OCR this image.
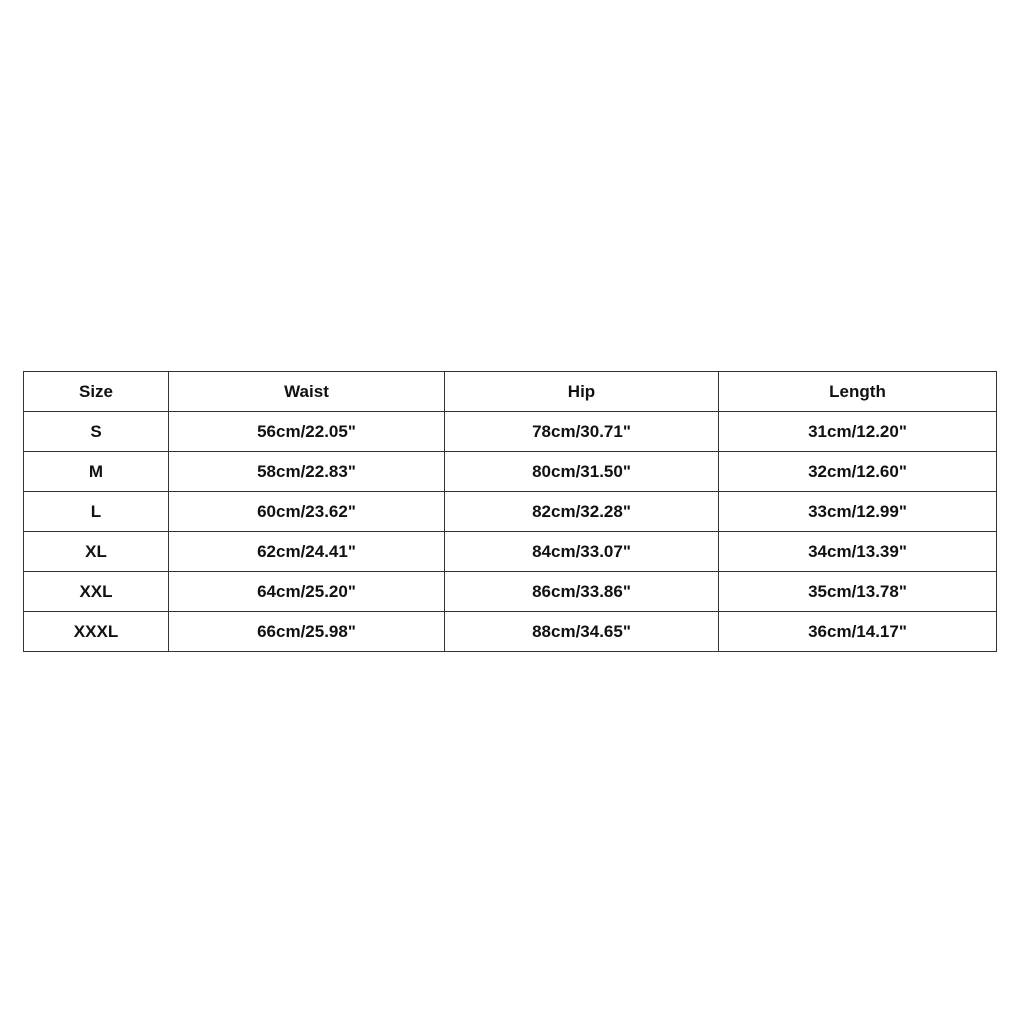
Size	Waist	Hip	Length
S	56cm/22.05"	78cm/30.71"	31cm/12.20"
M	58cm/22.83"	80cm/31.50"	32cm/12.60"
L	60cm/23.62"	82cm/32.28"	33cm/12.99"
XL	62cm/24.41"	84cm/33.07"	34cm/13.39"
XXL	64cm/25.20"	86cm/33.86"	35cm/13.78"
XXXL	66cm/25.98"	88cm/34.65"	36cm/14.17"
